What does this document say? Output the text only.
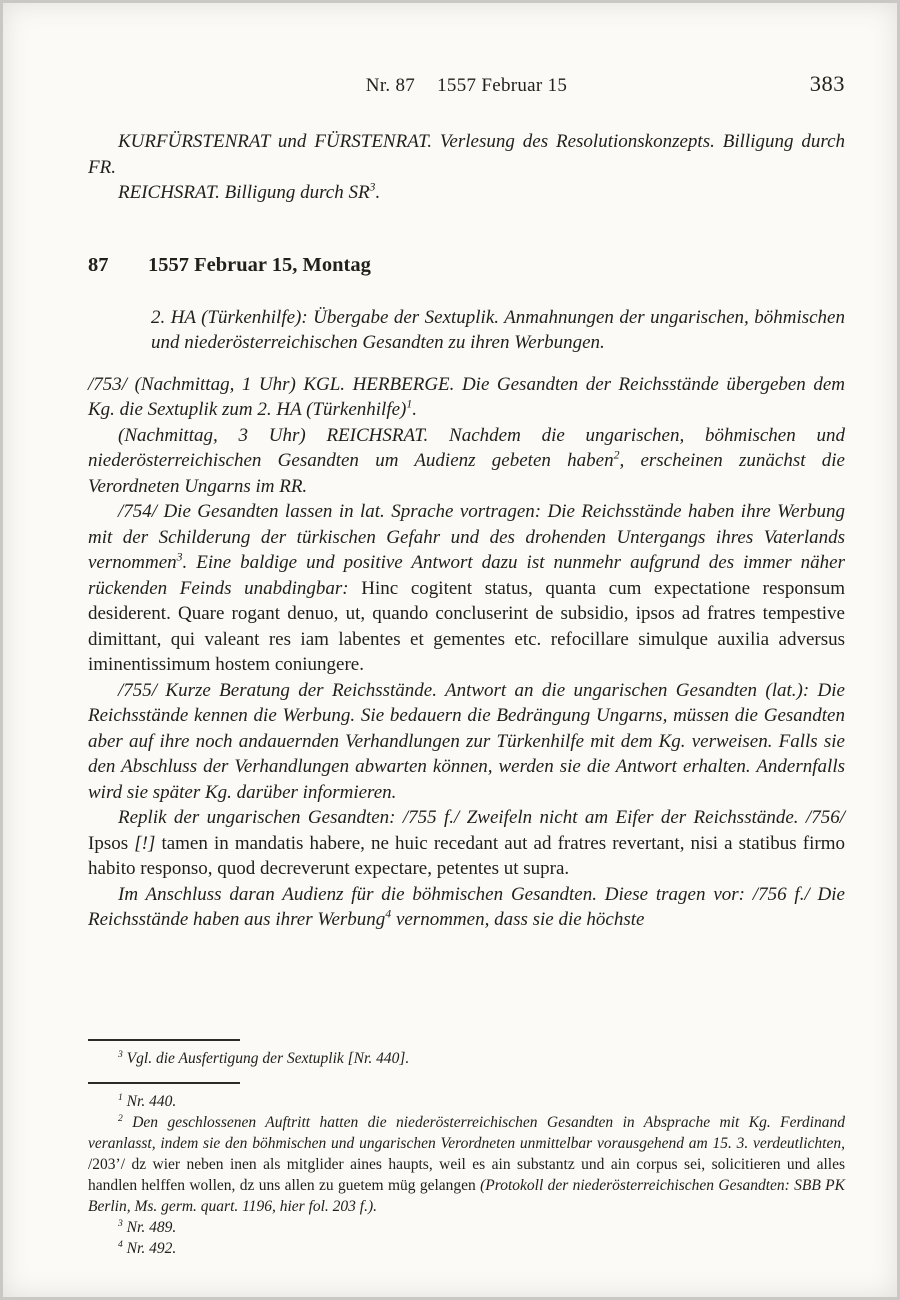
Nr. 87 1557 Februar 15	383

KURFÜRSTENRAT und FÜRSTENRAT. Verlesung des Resolutionskonzepts. Billigung durch FR.

REICHSRAT. Billigung durch $SR^3$.

87 1557 Februar 15, Montag

2. HA (Türkenhilfe): Übergabe der Sextuplik. Anmahnungen der ungarischen, böhmischen und niederösterreichischen Gesandten zu ihren Werbungen.

/753/ (Nachmittag, 1 Uhr) KGL. HERBERGE. Die Gesandten der Reichsstände übergeben dem Kg. die Sextuplik zum 2. HA (Türkenhilfe)$^1$.

(Nachmittag, 3 Uhr) REICHSRAT. Nachdem die ungarischen, böhmischen und niederösterreichischen Gesandten um Audienz gebeten haben$^2$, erscheinen zunächst die Verordneten Ungarns im RR.

/754/ Die Gesandten lassen in lat. Sprache vortragen: Die Reichsstände haben ihre Werbung mit der Schilderung der türkischen Gefahr und des drohenden Untergangs ihres Vaterlands vernommen$^3$. Eine baldige und positive Antwort dazu ist nunmehr aufgrund des immer näher rückenden Feinds unabdingbar: Hinc cogitent status, quanta cum expectatione responsum desiderent. Quare rogant denuo, ut, quando concluserint de subsidio, ipsos ad fratres tempestive dimittant, qui valeant res iam labentes et gementes etc. refocillare simulque auxilia adversus iminentissimum hostem coniungere.

/755/ Kurze Beratung der Reichsstände. Antwort an die ungarischen Gesandten (lat.): Die Reichsstände kennen die Werbung. Sie bedauern die Bedrängung Ungarns, müssen die Gesandten aber auf ihre noch andauernden Verhandlungen zur Türkenhilfe mit dem Kg. verweisen. Falls sie den Abschluss der Verhandlungen abwarten können, werden sie die Antwort erhalten. Andernfalls wird sie später Kg. darüber informieren.

Replik der ungarischen Gesandten: /755 f./ Zweifeln nicht am Eifer der Reichsstände. /756/ Ipsos [!] tamen in mandatis habere, ne huic recedant aut ad fratres revertant, nisi a statibus firmo habito responso, quod decreverunt expectare, petentes ut supra.

Im Anschluss daran Audienz für die böhmischen Gesandten. Diese tragen vor: /756 f./ Die Reichsstände haben aus ihrer Werbung$^4$ vernommen, dass sie die höchste

$^3$ Vgl. die Ausfertigung der Sextuplik [Nr. 440].

$^1$ Nr. 440.

$^2$ Den geschlossenen Auftritt hatten die niederösterreichischen Gesandten in Absprache mit Kg. Ferdinand veranlasst, indem sie den böhmischen und ungarischen Verordneten unmittelbar vorausgehend am 15. 3. verdeutlichten, /203’/ dz wier neben inen als mitglider aines haupts, weil es ain substantz und ain corpus sei, solicitieren und alles handlen helffen wollen, dz uns allen zu guetem müg gelangen (Protokoll der niederösterreichischen Gesandten: SBB PK Berlin, Ms. germ. quart. 1196, hier fol. 203 f.).

$^3$ Nr. 489.

$^4$ Nr. 492.
